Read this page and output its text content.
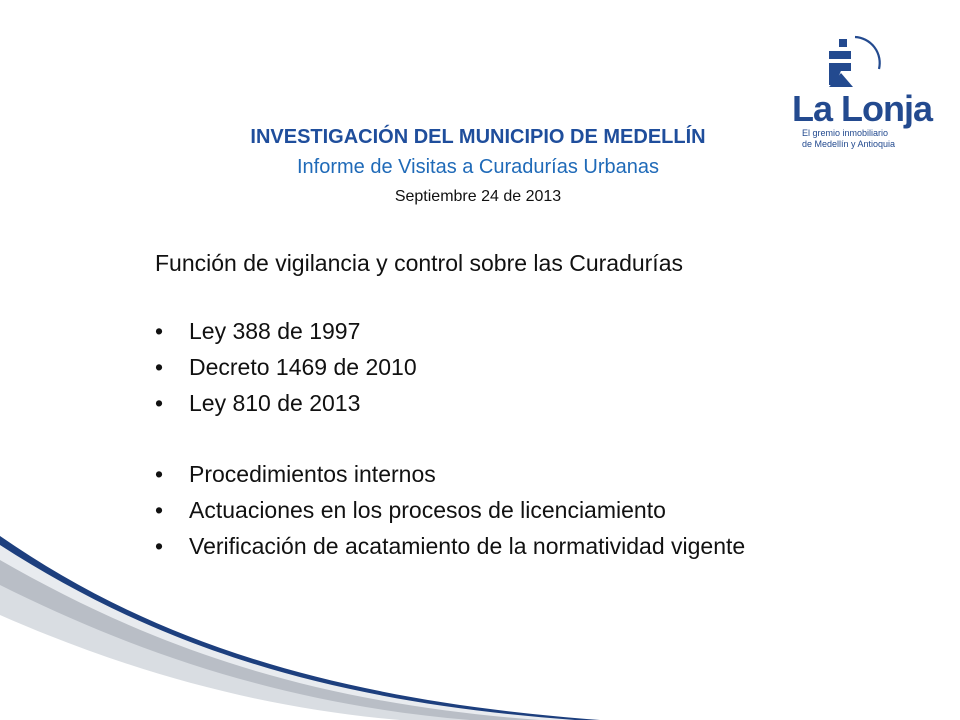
La Lonja
El gremio inmobiliario
de Medellín y Antioquia
INVESTIGACIÓN DEL MUNICIPIO DE MEDELLÍN
Informe de Visitas a Curadurías Urbanas
Septiembre 24 de 2013
Función de vigilancia y control sobre las Curadurías
• Ley 388 de 1997
• Decreto 1469 de 2010
• Ley 810 de 2013
• Procedimientos internos
• Actuaciones en los procesos de licenciamiento
• Verificación de acatamiento de la normatividad vigente
